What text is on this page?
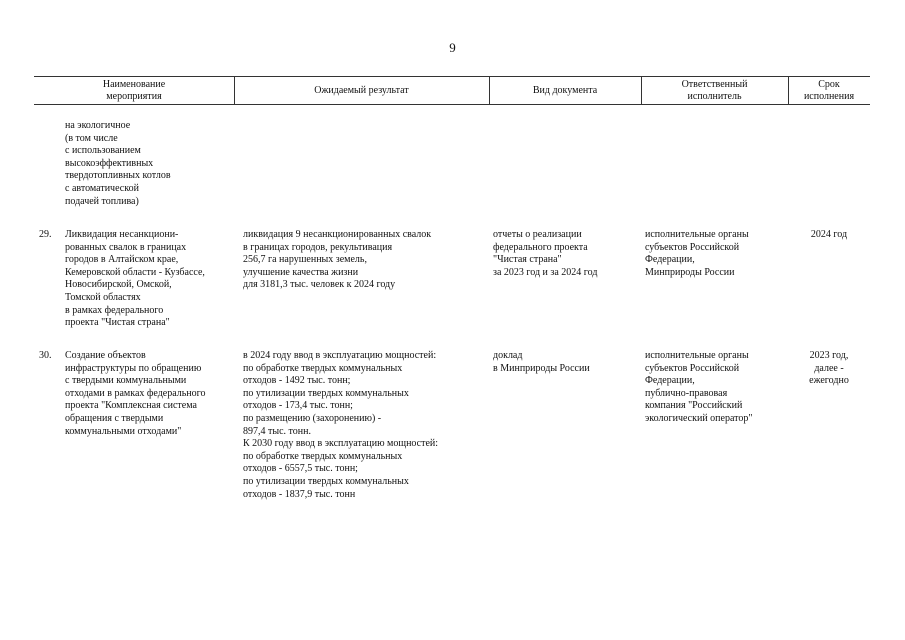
9
Наименование
мероприятия
Ожидаемый результат	Вид документа
Ответственный
исполнитель
Срок
исполнения
на экологичное
(в том числе
с использованием
высокоэффективных
твердотопливных котлов
с автоматической
подачей топлива)
29. Ликвидация несанкциони-
рованных свалок в границах
городов в Алтайском крае,
Кемеровской области - Кузбассе,
Новосибирской, Омской,
Томской областях
в рамках федерального
проекта "Чистая страна"
ликвидация 9 несанкционированных свалок
в границах городов, рекультивация
256,7 га нарушенных земель,
улучшение качества жизни
для 3181,3 тыс. человек к 2024 году
отчеты о реализации
федерального проекта
"Чистая страна"
за 2023 год и за 2024 год
исполнительные органы
субъектов Российской
Федерации,
Минприроды России
2024 год
30. Создание объектов
инфраструктуры по обращению
с твердыми коммунальными
отходами в рамках федерального
проекта "Комплексная система
обращения с твердыми
коммунальными отходами"
в 2024 году ввод в эксплуатацию мощностей:
по обработке твердых коммунальных
отходов - 1492 тыс. тонн;
по утилизации твердых коммунальных
отходов - 173,4 тыс. тонн;
по размещению (захоронению) -
897,4 тыс. тонн.
К 2030 году ввод в эксплуатацию мощностей:
по обработке твердых коммунальных
отходов - 6557,5 тыс. тонн;
по утилизации твердых коммунальных
отходов - 1837,9 тыс. тонн
доклад
в Минприроды России
исполнительные органы
субъектов Российской
Федерации,
публично-правовая
компания "Российский
экологический оператор"
2023 год,
далее -
ежегодно
